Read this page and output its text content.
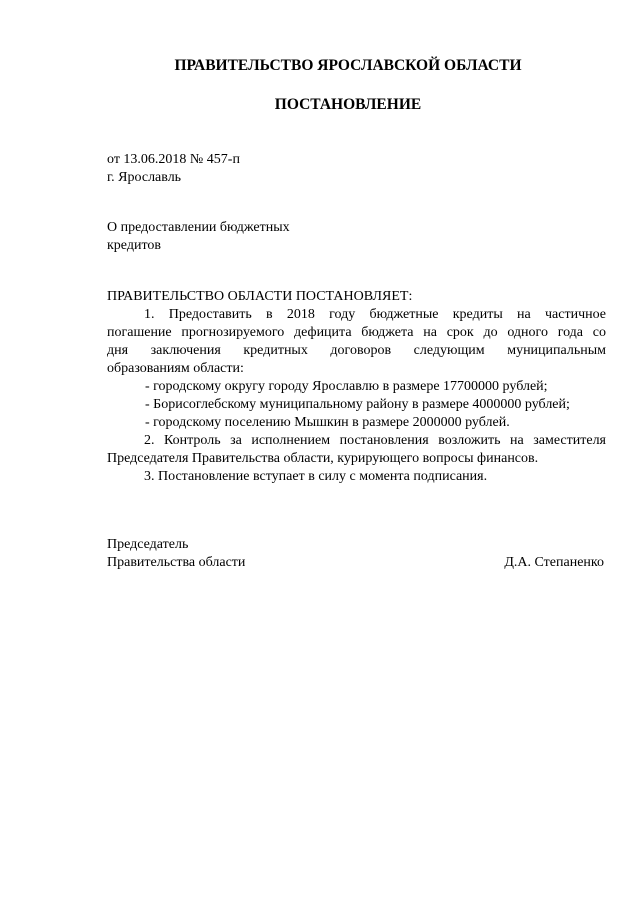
ПРАВИТЕЛЬСТВО ЯРОСЛАВСКОЙ ОБЛАСТИ
ПОСТАНОВЛЕНИЕ
от 13.06.2018 № 457-п
г. Ярославль
О предоставлении бюджетных
кредитов
ПРАВИТЕЛЬСТВО ОБЛАСТИ ПОСТАНОВЛЯЕТ:
1. Предоставить в 2018 году бюджетные кредиты на частичное
погашение прогнозируемого дефицита бюджета на срок до одного года со
дня заключения кредитных договоров следующим муниципальным
образованиям области:
- городскому округу городу Ярославлю в размере 17700000 рублей;
- Борисоглебскому муниципальному району в размере 4000000 рублей;
- городскому поселению Мышкин в размере 2000000 рублей.
2. Контроль за исполнением постановления возложить на заместителя
Председателя Правительства области, курирующего вопросы финансов.
3. Постановление вступает в силу с момента подписания.
Председатель
Правительства области	Д.А. Степаненко
